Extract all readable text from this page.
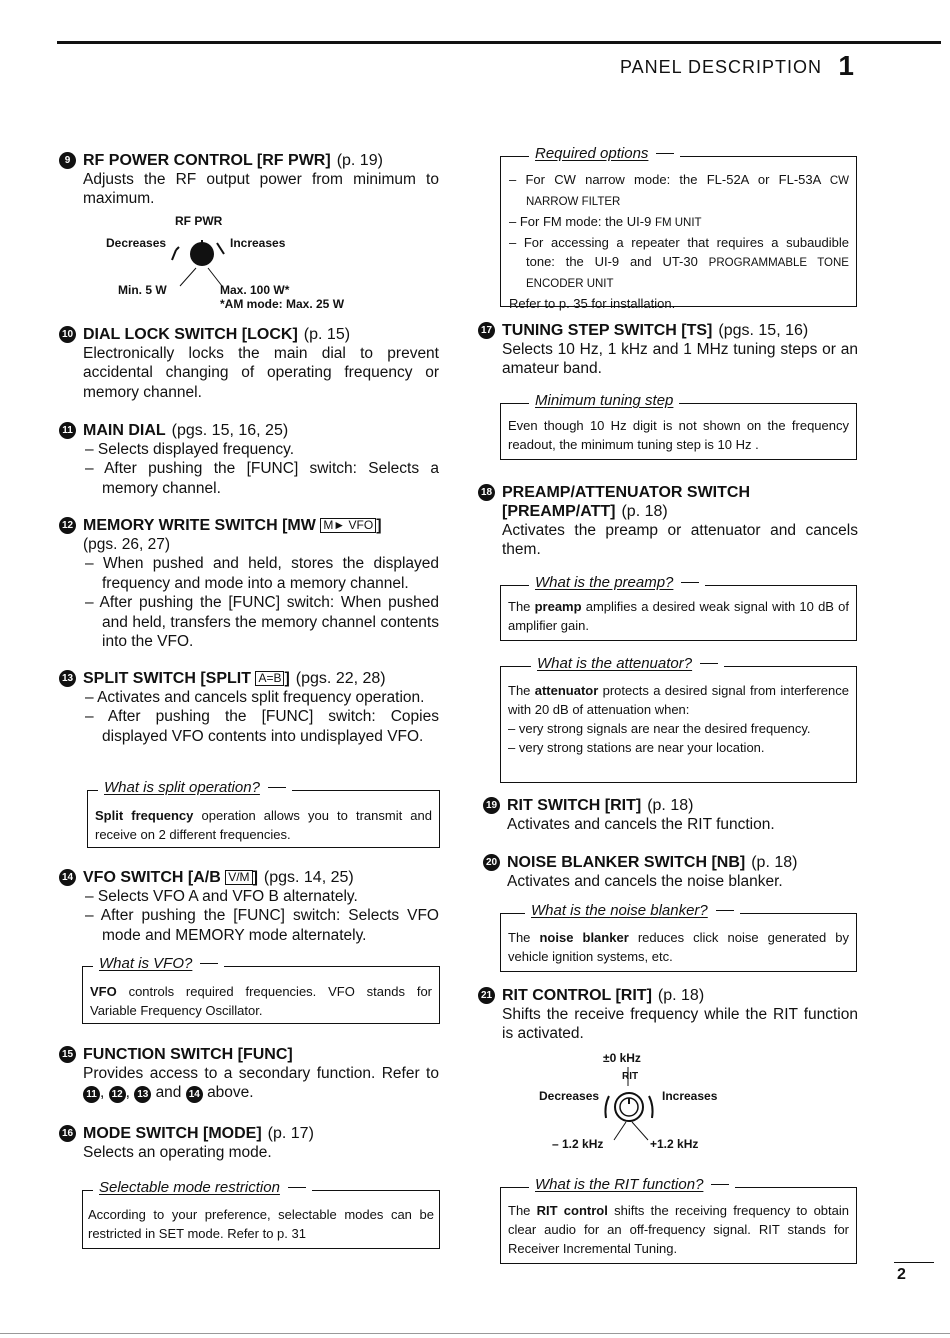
PANEL DESCRIPTION 1
9 RF POWER CONTROL [RF PWR] (p. 19)
Adjusts the RF output power from minimum to maximum.
RF PWR
Decreases	Increases
Min. 5 W	Max. 100 W*
*AM mode: Max. 25 W
10 DIAL LOCK SWITCH [LOCK] (p. 15)
Electronically locks the main dial to prevent accidental changing of operating frequency or memory channel.
11 MAIN DIAL (pgs. 15, 16, 25)
– Selects displayed frequency.
– After pushing the [FUNC] switch: Selects a memory channel.
12 MEMORY WRITE SWITCH [MW
M► VFO ]
(pgs. 26, 27)
– When pushed and held, stores the displayed frequency and mode into a memory channel.
– After pushing the [FUNC] switch: When pushed and held, transfers the memory channel contents into the VFO.
13 SPLIT SWITCH [SPLIT
A=B ] (pgs. 22, 28)
– Activates and cancels split frequency operation.
– After pushing the [FUNC] switch: Copies displayed VFO contents into undisplayed VFO.
What is split operation?
Split frequency operation allows you to transmit and receive on 2 different frequencies.
14 VFO SWITCH [A/B
V/M ] (pgs. 14, 25)
– Selects VFO A and VFO B alternately.
– After pushing the [FUNC] switch: Selects VFO mode and MEMORY mode alternately.
What is VFO?
VFO controls required frequencies. VFO stands for Variable Frequency Oscillator.
15 FUNCTION SWITCH [FUNC]
Provides access to a secondary function. Refer to 11 , 12 , 13 and 14 above.
16 MODE SWITCH [MODE] (p. 17)
Selects an operating mode.
Selectable mode restriction
According to your preference, selectable modes can be restricted in SET mode. Refer to p. 31
Required options
– For CW narrow mode: the FL-52A or FL-53A CW NARROW FILTER
– For FM mode: the UI-9 FM UNIT
– For accessing a repeater that requires a subaudible tone: the UI-9 and UT-30 PROGRAMMABLE TONE ENCODER UNIT
Refer to p. 35 for installation.
17 TUNING STEP SWITCH [TS] (pgs. 15, 16)
Selects 10 Hz, 1 kHz and 1 MHz tuning steps or an amateur band.
Minimum tuning step
Even though 10 Hz digit is not shown on the frequency readout, the minimum tuning step is 10 Hz .
18 PREAMP/ATTENUATOR SWITCH
[PREAMP/ATT] (p. 18)
Activates the preamp or attenuator and cancels them.
What is the preamp?
The preamp amplifies a desired weak signal with 10 dB of amplifier gain.
What is the attenuator?
The attenuator protects a desired signal from interference with 20 dB of attenuation when:
– very strong signals are near the desired frequency.
– very strong stations are near your location.
19 RIT SWITCH [RIT] (p. 18)
Activates and cancels the RIT function.
20 NOISE BLANKER SWITCH [NB] (p. 18)
Activates and cancels the noise blanker.
What is the noise blanker?
The noise blanker reduces click noise generated by vehicle ignition systems, etc.
21 RIT CONTROL [RIT] (p. 18)
Shifts the receive frequency while the RIT function is activated.
±0 kHz
RIT
Decreases	Increases
– 1.2 kHz	+1.2 kHz
What is the RIT function?
The RIT control shifts the receiving frequency to obtain clear audio for an off-frequency signal. RIT stands for Receiver Incremental Tuning.
2
